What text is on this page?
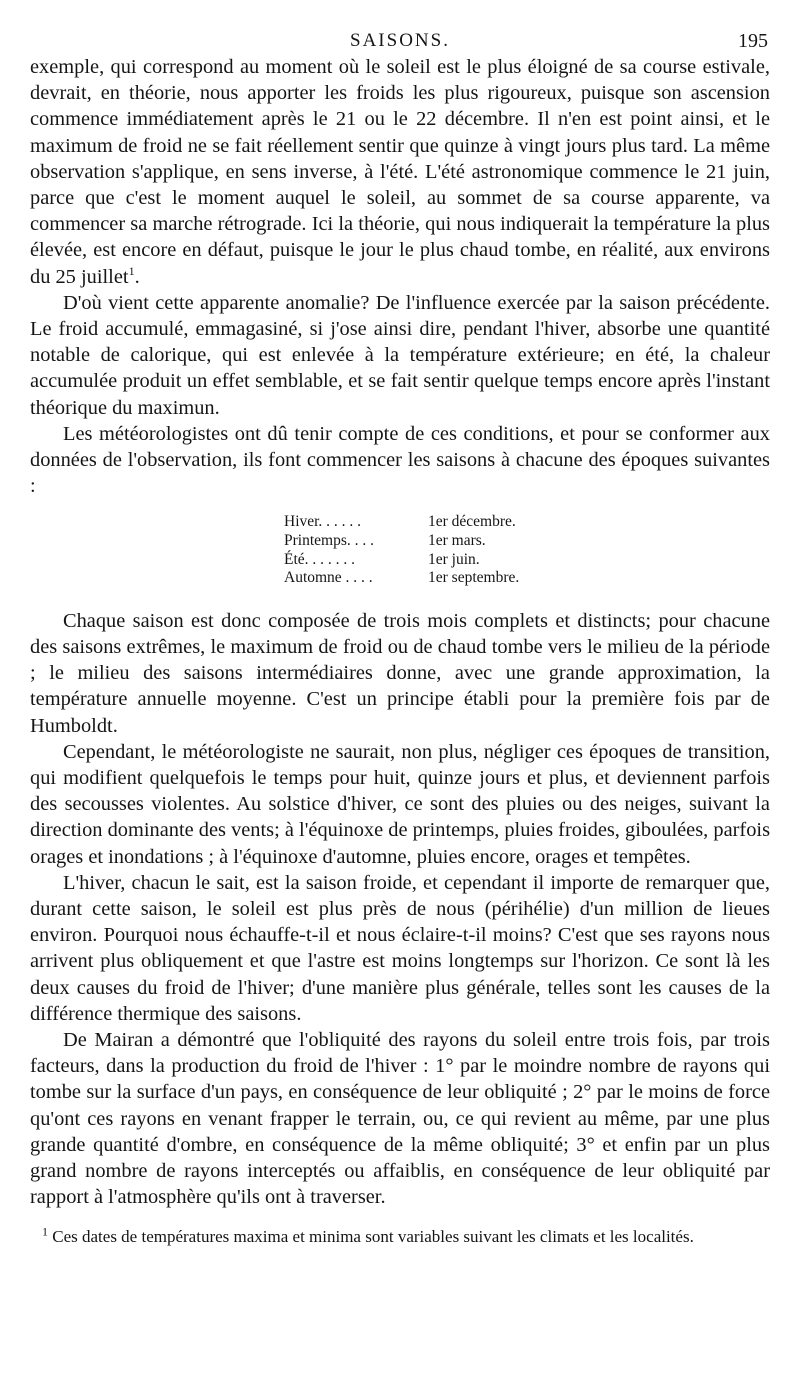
SAISONS.	195

exemple, qui correspond au moment où le soleil est le plus éloigné de sa course estivale, devrait, en théorie, nous apporter les froids les plus rigoureux, puisque son ascension commence immédiatement après le 21 ou le 22 décembre. Il n'en est point ainsi, et le maximum de froid ne se fait réellement sentir que quinze à vingt jours plus tard. La même observation s'applique, en sens inverse, à l'été. L'été astronomique commence le 21 juin, parce que c'est le moment auquel le soleil, au sommet de sa course apparente, va commencer sa marche rétrograde. Ici la théorie, qui nous indiquerait la température la plus élevée, est encore en défaut, puisque le jour le plus chaud tombe, en réalité, aux environs du 25 juillet$^1$.

D'où vient cette apparente anomalie? De l'influence exercée par la saison précédente. Le froid accumulé, emmagasiné, si j'ose ainsi dire, pendant l'hiver, absorbe une quantité notable de calorique, qui est enlevée à la température extérieure; en été, la chaleur accumulée produit un effet semblable, et se fait sentir quelque temps encore après l'instant théorique du maximun.

Les météorologistes ont dû tenir compte de ces conditions, et pour se conformer aux données de l'observation, ils font commencer les saisons à chacune des époques suivantes :

Hiver. . . . . .	1er décembre.
Printemps. . . .	1er mars.
Été. . . . . . .	1er juin.
Automne . . . .	1er septembre.

Chaque saison est donc composée de trois mois complets et distincts; pour chacune des saisons extrêmes, le maximum de froid ou de chaud tombe vers le milieu de la période ; le milieu des saisons intermédiaires donne, avec une grande approximation, la température annuelle moyenne. C'est un principe établi pour la première fois par de Humboldt.

Cependant, le météorologiste ne saurait, non plus, négliger ces époques de transition, qui modifient quelquefois le temps pour huit, quinze jours et plus, et deviennent parfois des secousses violentes. Au solstice d'hiver, ce sont des pluies ou des neiges, suivant la direction dominante des vents; à l'équinoxe de printemps, pluies froides, giboulées, parfois orages et inondations ; à l'équinoxe d'automne, pluies encore, orages et tempêtes.

L'hiver, chacun le sait, est la saison froide, et cependant il importe de remarquer que, durant cette saison, le soleil est plus près de nous (périhélie) d'un million de lieues environ. Pourquoi nous échauffe-t-il et nous éclaire-t-il moins? C'est que ses rayons nous arrivent plus obliquement et que l'astre est moins longtemps sur l'horizon. Ce sont là les deux causes du froid de l'hiver; d'une manière plus générale, telles sont les causes de la différence thermique des saisons.

De Mairan a démontré que l'obliquité des rayons du soleil entre trois fois, par trois facteurs, dans la production du froid de l'hiver : 1° par le moindre nombre de rayons qui tombe sur la surface d'un pays, en conséquence de leur obliquité ; 2° par le moins de force qu'ont ces rayons en venant frapper le terrain, ou, ce qui revient au même, par une plus grande quantité d'ombre, en conséquence de la même obliquité; 3° et enfin par un plus grand nombre de rayons interceptés ou affaiblis, en conséquence de leur obliquité par rapport à l'atmosphère qu'ils ont à traverser.

$^1$ Ces dates de températures maxima et minima sont variables suivant les climats et les localités.
